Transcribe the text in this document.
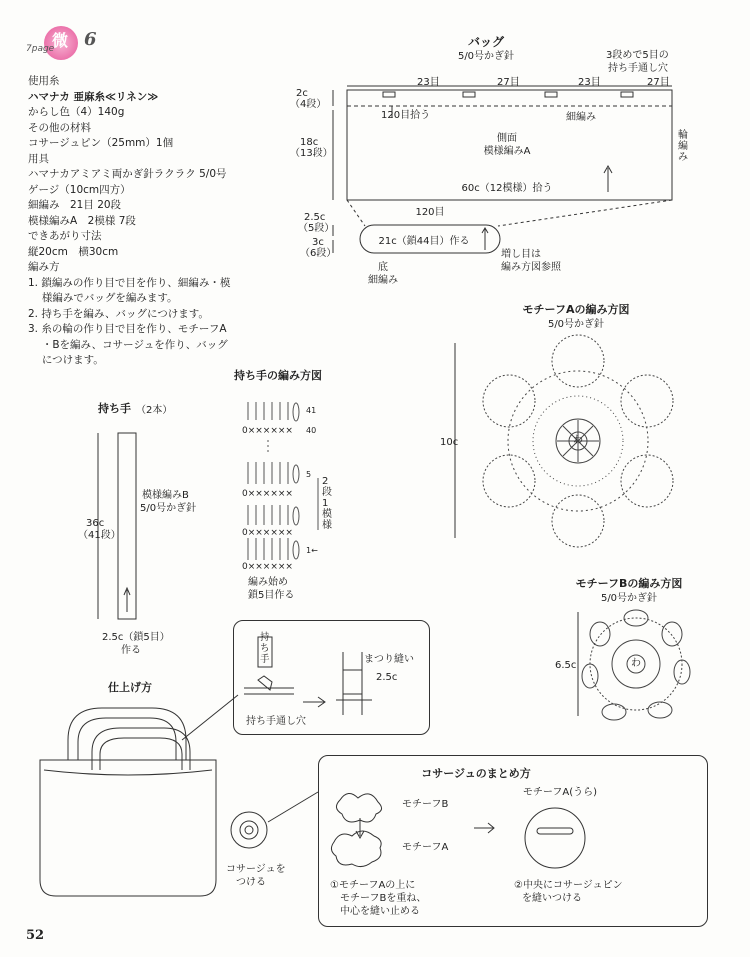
7page
微 6
使用糸
ハマナカ 亜麻糸≪リネン≫
からし色（4）140g
その他の材料
コサージュピン（25mm）1個
用具
ハマナカアミアミ両かぎ針ラクラク 5/0号
ゲージ（10cm四方）
細編み　21目 20段
模様編みA　2模様 7段
できあがり寸法
縦20cm　横30cm
編み方
1. 鎖編みの作り目で目を作り、細編み・模
　 様編みでバッグを編みます。
2. 持ち手を編み、バッグにつけます。
3. 糸の輪の作り目で目を作り、モチーフA
　 ・Bを編み、コサージュを作り、バッグ
　 につけます。
バッグ
5/0号かぎ針	3段めで5目の
持ち手通し穴
23目	27目	23目	27目
120目拾う	細編み
側面
模様編みA
輪編み
2c
（4段）
18c
（13段）
60c（12模様）拾う
2.5c
（5段）
3c
（6段）
120目
21c（鎖44目）作る
底
細編み
増し目は
編み方図参照
持ち手の編み方図
41
40
5
1←
2段1模様
編み始め
鎖5目作る
0××××××
0××××××
0××××××
0××××××
持ち手 （2本）
模様編みB
5/0号かぎ針
36c
（41段）
2.5c（鎖5目）
作る
モチーフAの編み方図
5/0号かぎ針
10c	わ
モチーフBの編み方図
5/0号かぎ針
6.5c	わ
持ち手	まつり縫い
2.5c
持ち手通し穴
仕上げ方
コサージュを
つける
コサージュのまとめ方
モチーフB
モチーフA
モチーフA(うら)
①モチーフAの上に
モチーフBを重ね、
中心を縫い止める
②中央にコサージュピン
を縫いつける
52
